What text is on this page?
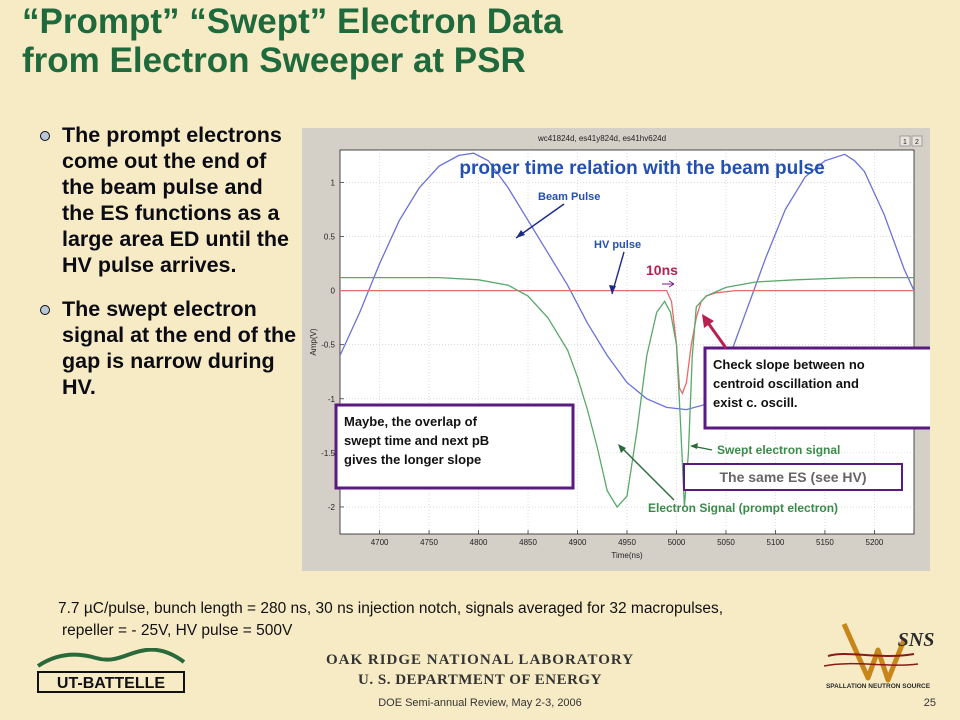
“Prompt” “Swept” Electron Data
from Electron Sweeper at PSR
The prompt electrons come out the end of the beam pulse and the ES functions as a large area ED until the HV pulse arrives.
The swept electron signal at the end of the gap is narrow during HV.
wc41824d, es41y824d, es41hv624d	1 2
4700	4750	4800	4850	4900	4950	5000	5050	5100	5150	5200
1
0.5
0
-0.5
-1
-1.5
-2
Time(ns)
Amp(V)
proper time relation with the beam pulse
Beam Pulse
HV pulse
10ns
Check slope between no
centroid oscillation and
exist c. oscill.
Maybe, the overlap of
swept time and next pB
gives the longer slope
Swept electron signal
The same ES (see HV)
Electron Signal (prompt electron)
7.7 µC/pulse, bunch length = 280 ns, 30 ns injection notch, signals averaged for 32 macropulses,
repeller = - 25V, HV pulse = 500V
UT-BATTELLE
OAK RIDGE NATIONAL LABORATORY
U. S. DEPARTMENT OF ENERGY
DOE Semi-annual Review, May 2-3, 2006	25
SNS
SPALLATION NEUTRON SOURCE
